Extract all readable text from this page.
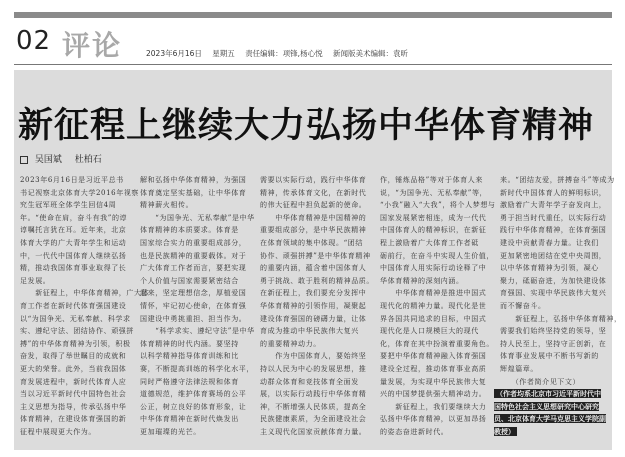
02 评论	2023年6月16日 星期五 责任编辑：项锋,杨心悦 新闻版美术编辑：袁昕
新征程上继续大力弘扬中华体育精神
吴国斌 杜柏石
2023年6月16日是习近平总书
书记视察北京体育大学2016年视察
究生冠军班全体学生回信4周
年。“使命在肩，奋斗有我”的谆
谆嘱托言犹在耳。近年来，北京
体育大学的广大青年学生和运动
中，一代代中国体育人继续弘扬
精，推动我国体育事业取得了长
足发展。
　　新征程上，中华体育精神，广大体
育工作者在新时代体育强国建设
以“为国争光、无私奉献、科学求
实、遵纪守法、团结协作、顽强拼
搏”的中华体育精神为引领，积极
奋发，取得了举世瞩目的成就和
更大的荣誉。此外，当前我国体
育发展进程中，新时代体育人应
当以习近平新时代中国特色社会
主义思想为指导，传承弘扬中华
体育精神，在建设体育强国的新
征程中展现更大作为。
解和弘扬中华体育精神，为强国
体育奠定坚实基础，让中华体育
精神薪火相传。
　　“为国争光、无私奉献”是中华
体育精神的本质要求。体育是
国家综合实力的重要组成部分，
也是民族精神的重要载体。对于
广大体育工作者而言，要把实现
个人价值与国家需要紧密结合
起来，坚定理想信念，厚植爱国
情怀，牢记初心使命，在体育强
国建设中勇挑重担、担当作为。
　　“科学求实、遵纪守法”是中华
体育精神的时代内涵。要坚持
以科学精神指导体育训练和比
赛，不断提高训练的科学化水平，
同时严格遵守法律法规和体育
道德规范，维护体育赛场的公平
公正，树立良好的体育形象，让
中华体育精神在新时代焕发出
更加璀璨的光芒。
需要以实际行动，践行中华体育
精神，传承体育文化，在新时代
的伟大征程中担负起新的使命。
　　中华体育精神是中国精神的
重要组成部分，是中华民族精神
在体育领域的集中体现。“团结
协作、顽强拼搏”是中华体育精神
的重要内涵，蕴含着中国体育人
勇于挑战、敢于胜利的精神品质。
在新征程上，我们要充分发挥中
华体育精神的引领作用，凝聚起
建设体育强国的磅礴力量，让体
育成为推动中华民族伟大复兴
的重要精神动力。
　　作为中国体育人，要始终坚
持以人民为中心的发展思想，推
动群众体育和竞技体育全面发
展，以实际行动践行中华体育精
神，不断增强人民体质，提高全
民族健康素质，为全面建设社会
主义现代化国家贡献体育力量。
作，锤炼品格”等对于体育人来
说，“为国争光、无私奉献”等，
“小我”融入“大我”，将个人梦想与
国家发展紧密相连，成为一代代
中国体育人的精神标识，在新征
程上激励着广大体育工作者砥
砺前行，在奋斗中实现人生价值，
中国体育人用实际行动诠释了中
华体育精神的深刻内涵。
　　中华体育精神是推进中国式
现代化的精神力量。现代化是世
界各国共同追求的目标，中国式
现代化是人口规模巨大的现代
化，体育在其中扮演着重要角色。
要把中华体育精神融入体育强国
建设全过程，推动体育事业高质
量发展，为实现中华民族伟大复
兴的中国梦提供强大精神动力。
　　新征程上，我们要继续大力
弘扬中华体育精神，以更加昂扬
的姿态奋进新时代。
来。“团结友爱，拼搏奋斗”等成为
新时代中国体育人的鲜明标识，
激励着广大青年学子奋发向上，
勇于担当时代重任，以实际行动
践行中华体育精神，在体育强国
建设中贡献青春力量。让我们
更加紧密地团结在党中央周围，
以中华体育精神为引领，凝心
聚力，砥砺奋进，为加快建设体
育强国、实现中华民族伟大复兴
而不懈奋斗。
　　新征程上，弘扬中华体育精神，
需要我们始终坚持党的领导，坚
持人民至上，坚持守正创新，在
体育事业发展中不断书写新的
辉煌篇章。
　　（作者简介见下文）
（作者均系北京市习近平新时代中国特色社会主义思想研究中心研究员、北京体育大学马克思主义学院副教授）
